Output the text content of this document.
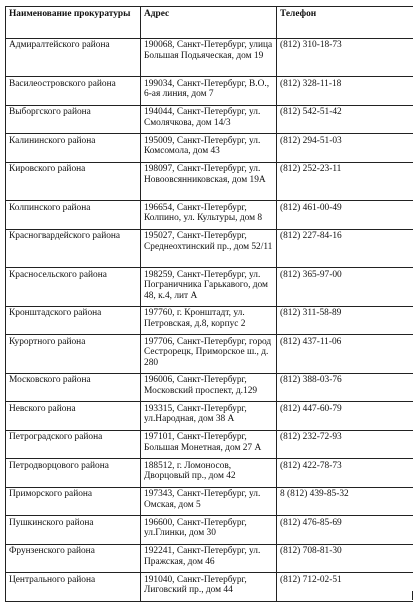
Наименование прокуратуры	Адрес	Телефон
Адмиралтейского района	190068, Санкт-Петербург, улица Большая Подьяческая, дом 19	(812) 310-18-73
Василеостровского района	199034, Санкт-Петербург, В.О., 6-ая линия, дом 7	(812) 328-11-18
Выборгского района	194044, Санкт-Петербург, ул. Смолячкова, дом 14/3	(812) 542-51-42
Калининского района	195009, Санкт-Петербург, ул. Комсомола, дом 43	(812) 294-51-03
Кировского района	198097, Санкт-Петербург, ул. Новоовсянниковская, дом 19А	(812) 252-23-11
Колпинского района	196654, Санкт-Петербург, Колпино, ул. Культуры, дом 8	(812) 461-00-49
Красногвардейского района	195027, Санкт-Петербург, Среднеохтинский пр., дом 52/11	(812) 227-84-16
Красносельского района	198259, Санкт-Петербург, ул. Пограничника Гарькавого, дом 48, к.4, лит А	(812) 365-97-00
Кронштадского района	197760, г. Кронштадт, ул. Петровская, д.8, корпус 2	(812) 311-58-89
Курортного района	197706, Санкт-Петербург, город Сестрорецк, Приморское ш., д. 280	(812) 437-11-06
Московского района	196006, Санкт-Петербург, Московский проспект, д.129	(812) 388-03-76
Невского района	193315, Санкт-Петербург, ул.Народная, дом 38 А	(812) 447-60-79
Петроградского района	197101, Санкт-Петербург, Большая Монетная, дом 27 А	(812) 232-72-93
Петродворцового района	188512, г. Ломоносов, Дворцовый пр., дом 42	(812) 422-78-73
Приморского района	197343, Санкт-Петербург, ул. Омская, дом 5	8 (812) 439-85-32
Пушкинского района	196600, Санкт-Петербург, ул.Глинки, дом 30	(812) 476-85-69
Фрунзенского района	192241, Санкт-Петербург, ул. Пражская, дом 46	(812) 708-81-30
Центрального района	191040, Санкт-Петербург, Лиговский пр., дом 44	(812) 712-02-51
